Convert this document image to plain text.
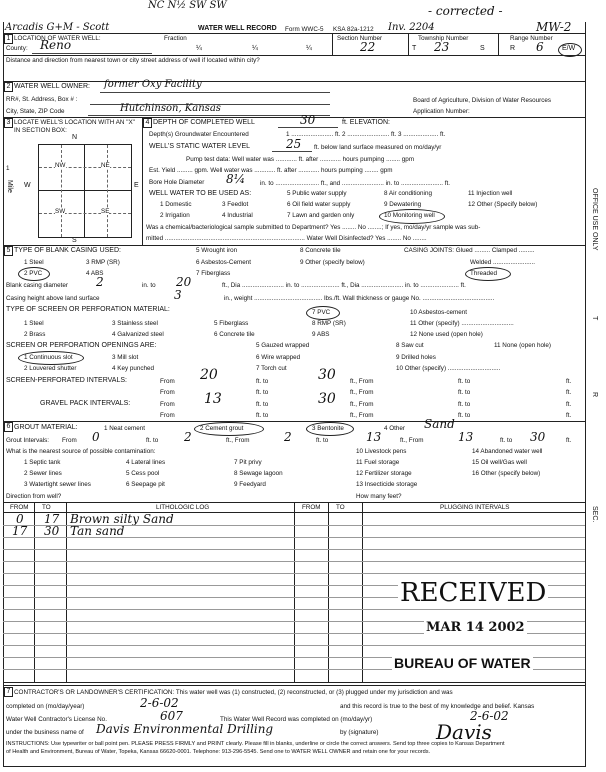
NC N½ SW SW	- corrected -
Arcadis G+M - Scott	WATER WELL RECORD Form WWC-5 KSA 82a-1212 Inv. 2204	MW-2
1 LOCATION OF WATER WELL:	Fraction	Section Number	Township Number	Range Number
County: Reno	¼	¼	¼	22	T 23	S	R 6	E/W
Distance and direction from nearest town or city street address of well if located within city?
2 WATER WELL OWNER: former Oxy Facility
RR#, St. Address, Box # :
City, State, ZIP Code	Hutchinson, Kansas
Board of Agriculture, Division of Water Resources
Application Number:
3 LOCATE WELL'S LOCATION WITH AN "X" IN SECTION BOX:
N
S
W	E
1
Mile
NW	NE
SW	SE
4 DEPTH OF COMPLETED WELL	30	ft. ELEVATION:
Depth(s) Groundwater Encountered	1 ........................ ft. 2 ........................ ft. 3 .................... ft.
WELL'S STATIC WATER LEVEL	25 ft. below land surface measured on mo/day/yr
Pump test data: Well water was ............ ft. after ............ hours pumping ........ gpm
Est. Yield ......... gpm. Well water was ............ ft. after ............ hours pumping ........ gpm
Bore Hole Diameter 8¼ in. to ......................... ft., and ........................ in. to ........................ ft.
WELL WATER TO BE USED AS:
1 Domestic
2 Irrigation
3 Feedlot
4 Industrial
5 Public water supply
6 Oil field water supply
7 Lawn and garden only
8 Air conditioning
9 Dewatering
10 Monitoring well
11 Injection well
12 Other (Specify below)
Was a chemical/bacteriological sample submitted to Department? Yes ........ No ........; If yes, mo/day/yr sample was sub-
mitted ................................................................................ Water Well Disinfected? Yes ........ No ........
5 TYPE OF BLANK CASING USED:
1 Steel
2 PVC
3 RMP (SR)
4 ABS
5 Wrought iron
6 Asbestos-Cement
7 Fiberglass
8 Concrete tile
9 Other (specify below)
CASING JOINTS: Glued ......... Clamped .........
Welded ........................
Threaded
Blank casing diameter 2	in. to 20	ft., Dia ........................ in. to ...................... ft., Dia ........................ in. to ...................... ft.
Casing height above land surface	3	in., weight ....................................... lbs./ft. Wall thickness or gauge No. .........................................
TYPE OF SCREEN OR PERFORATION MATERIAL:
1 Steel
2 Brass
3 Stainless steel
4 Galvanized steel
5 Fiberglass
6 Concrete tile
7 PVC
8 RMP (SR)
9 ABS
10 Asbestos-cement
11 Other (specify) ..............................
12 None used (open hole)
SCREEN OR PERFORATION OPENINGS ARE:
1 Continuous slot
2 Louvered shutter
3 Mill slot
4 Key punched
5 Gauzed wrapped
6 Wire wrapped
7 Torch cut
8 Saw cut
9 Drilled holes
10 Other (specify) ..............................
11 None (open hole)
SCREEN-PERFORATED INTERVALS:	From 20	ft. to	30 ft., From	ft. to	ft.
From	ft. to	ft., From	ft. to	ft.
GRAVEL PACK INTERVALS:	From 13	ft. to	30 ft., From	ft. to	ft.
From	ft. to	ft., From	ft. to	ft.
6 GROUT MATERIAL:	1 Neat cement	2 Cement grout	3 Bentonite	4 Other Sand
Grout Intervals: From 0	ft. to 2	ft., From	2	ft. to	13	ft., From	13	ft. to 30	ft.
What is the nearest source of possible contamination:
1 Septic tank
2 Sewer lines
3 Watertight sewer lines
4 Lateral lines
5 Cess pool
6 Seepage pit
7 Pit privy
8 Sewage lagoon
9 Feedyard
10 Livestock pens
11 Fuel storage
12 Fertilizer storage
13 Insecticide storage
14 Abandoned water well
15 Oil well/Gas well
16 Other (specify below)
Direction from well?	How many feet?
FROM TO	LITHOLOGIC LOG	FROM TO	PLUGGING INTERVALS
0 17 Brown silty Sand
17 30 Tan sand
RECEIVED
MAR 14 2002
BUREAU OF WATER
7 CONTRACTOR'S OR LANDOWNER'S CERTIFICATION: This water well was (1) constructed, (2) reconstructed, or (3) plugged under my jurisdiction and was
completed on (mo/day/year)	2-6-02	and this record is true to the best of my knowledge and belief. Kansas
Water Well Contractor's License No.	607	This Water Well Record was completed on (mo/day/yr)	2-6-02
under the business name of Davis Environmental Drilling	by (signature)	Davis
INSTRUCTIONS: Use typewriter or ball point pen. PLEASE PRESS FIRMLY and PRINT clearly. Please fill in blanks, underline or circle the correct answers. Send top three copies to Kansas Department
of Health and Environment, Bureau of Water, Topeka, Kansas 66620-0001. Telephone: 913-296-5545. Send one to WATER WELL OWNER and retain one for your records.
OFFICE USE ONLY
T
R
SEC.
